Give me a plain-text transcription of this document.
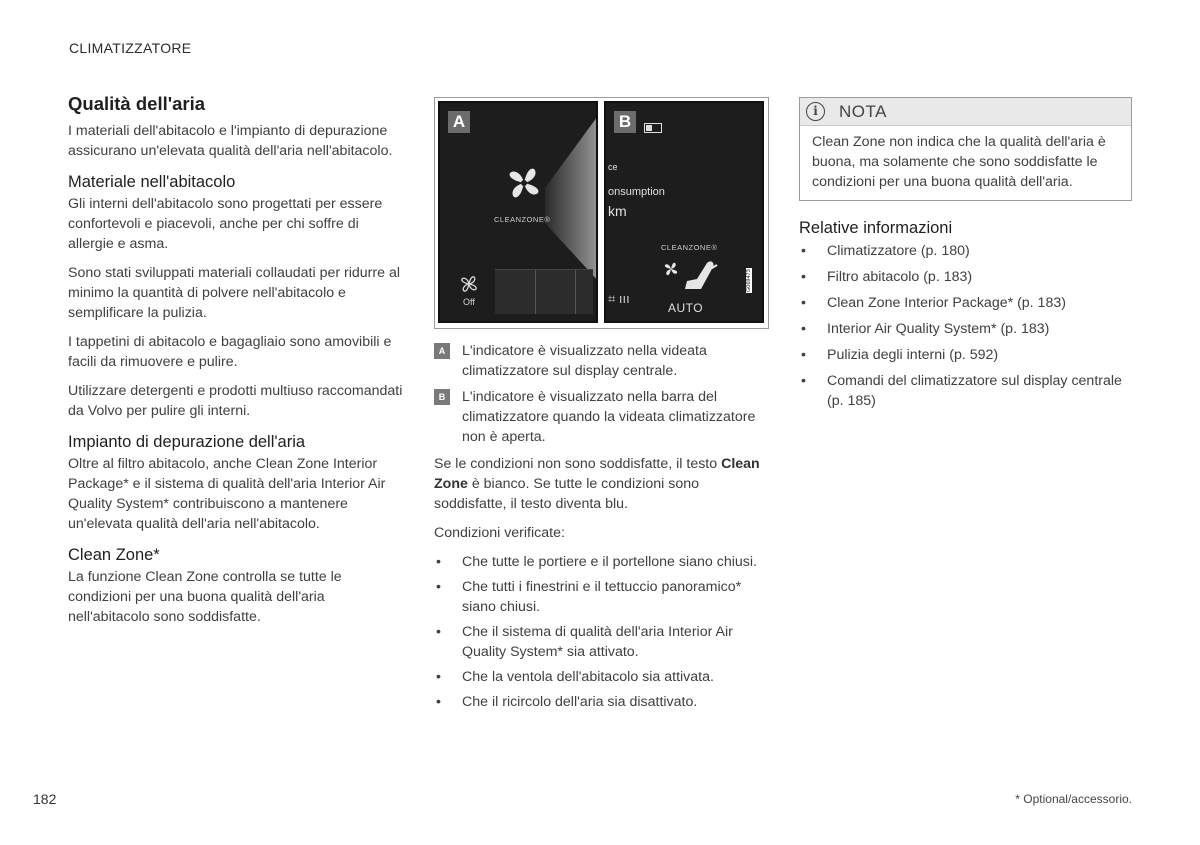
CLIMATIZZATORE
Qualità dell'aria

I materiali dell'abitacolo e l'impianto di depurazione assicurano un'elevata qualità dell'aria nell'abitacolo.

Materiale nell'abitacolo

Gli interni dell'abitacolo sono progettati per essere confortevoli e piacevoli, anche per chi soffre di allergie e asma.

Sono stati sviluppati materiali collaudati per ridurre al minimo la quantità di polvere nell'abitacolo e semplificare la pulizia.

I tappetini di abitacolo e bagagliaio sono amovibili e facili da rimuovere e pulire.

Utilizzare detergenti e prodotti multiuso raccomandati da Volvo per pulire gli interni.

Impianto di depurazione dell'aria

Oltre al filtro abitacolo, anche Clean Zone Interior Package* e il sistema di qualità dell'aria Interior Air Quality System* contribuiscono a mantenere un'elevata qualità dell'aria nell'abitacolo.

Clean Zone*

La funzione Clean Zone controlla se tutte le condizioni per una buona qualità dell'aria nell'abitacolo sono soddisfatte.

A
CLEANZONE®
Off
B
ce
onsumption
km
CLEANZONE®
⌗ ııı
AUTO
G069473
A	L'indicatore è visualizzato nella videata climatizzatore sul display centrale.
B	L'indicatore è visualizzato nella barra del climatizzatore quando la videata climatizzatore non è aperta.

Se le condizioni non sono soddisfatte, il testo Clean Zone è bianco. Se tutte le condizioni sono soddisfatte, il testo diventa blu.

Condizioni verificate:

• Che tutte le portiere e il portellone siano chiusi.
• Che tutti i finestrini e il tettuccio panoramico* siano chiusi.
• Che il sistema di qualità dell'aria Interior Air Quality System* sia attivato.
• Che la ventola dell'abitacolo sia attivata.
• Che il ricircolo dell'aria sia disattivato.
i	NOTA

Clean Zone non indica che la qualità dell'aria è buona, ma solamente che sono soddisfatte le condizioni per una buona qualità dell'aria.

Relative informazioni
• Climatizzatore (p. 180)
• Filtro abitacolo (p. 183)
• Clean Zone Interior Package* (p. 183)
• Interior Air Quality System* (p. 183)
• Pulizia degli interni (p. 592)
• Comandi del climatizzatore sul display centrale (p. 185)
182	* Optional/accessorio.
